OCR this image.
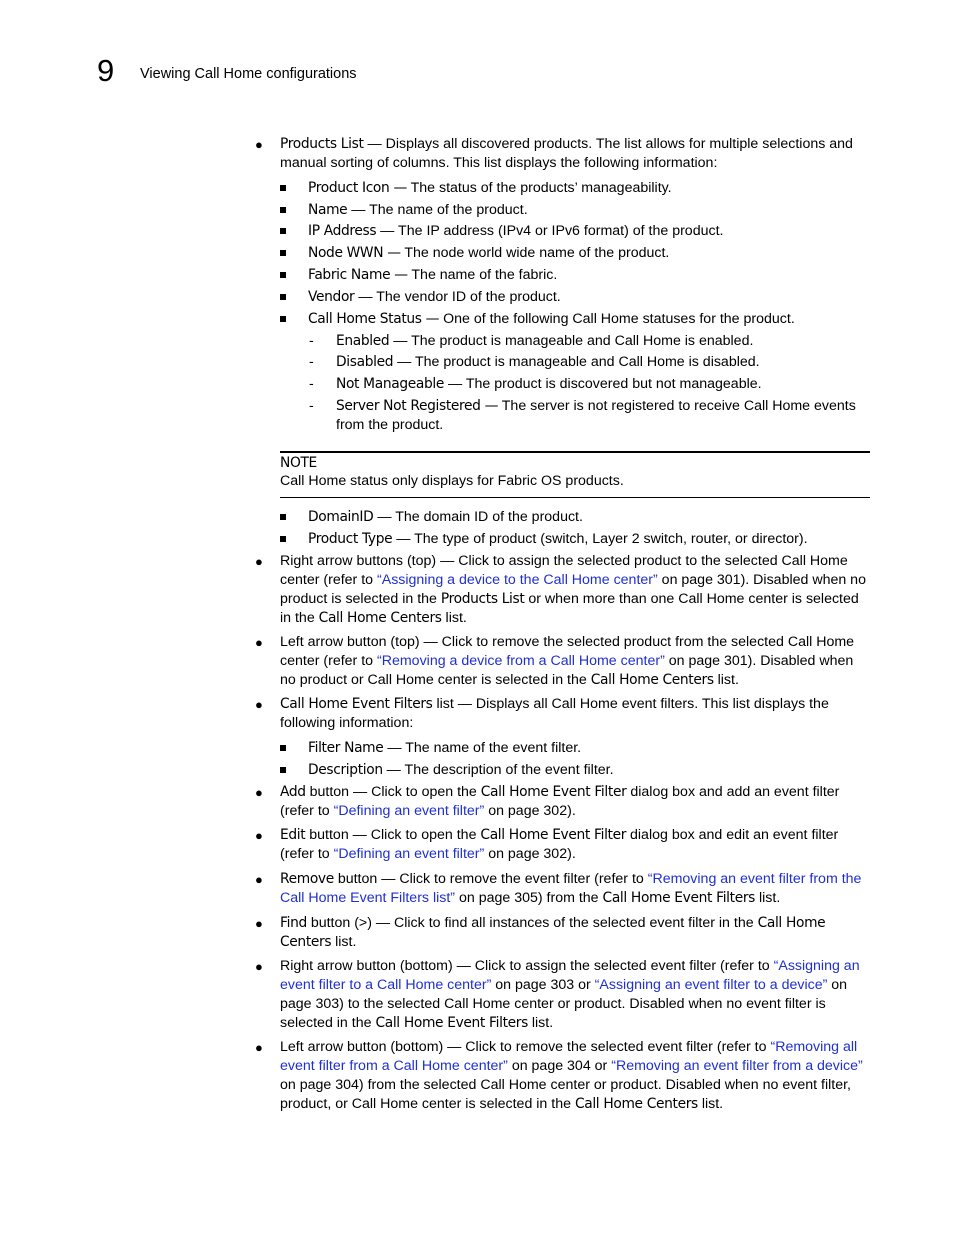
9 Viewing Call Home configurations
● Products List — Displays all discovered products. The list allows for multiple selections and manual sorting of columns. This list displays the following information:
Product Icon — The status of the products’ manageability.
Name — The name of the product.
IP Address — The IP address (IPv4 or IPv6 format) of the product.
Node WWN — The node world wide name of the product.
Fabric Name — The name of the fabric.
Vendor — The vendor ID of the product.
Call Home Status — One of the following Call Home statuses for the product.
- Enabled — The product is manageable and Call Home is enabled.
- Disabled — The product is manageable and Call Home is disabled.
- Not Manageable — The product is discovered but not manageable.
- Server Not Registered — The server is not registered to receive Call Home events from the product.
NOTE
Call Home status only displays for Fabric OS products.
DomainID — The domain ID of the product.
Product Type — The type of product (switch, Layer 2 switch, router, or director).
● Right arrow buttons (top) — Click to assign the selected product to the selected Call Home center (refer to “Assigning a device to the Call Home center” on page 301). Disabled when no product is selected in the Products List or when more than one Call Home center is selected in the Call Home Centers list.
● Left arrow button (top) — Click to remove the selected product from the selected Call Home center (refer to “Removing a device from a Call Home center” on page 301). Disabled when no product or Call Home center is selected in the Call Home Centers list.
● Call Home Event Filters list — Displays all Call Home event filters. This list displays the following information:
Filter Name — The name of the event filter.
Description — The description of the event filter.
● Add button — Click to open the Call Home Event Filter dialog box and add an event filter (refer to “Defining an event filter” on page 302).
● Edit button — Click to open the Call Home Event Filter dialog box and edit an event filter (refer to “Defining an event filter” on page 302).
● Remove button — Click to remove the event filter (refer to “Removing an event filter from the Call Home Event Filters list” on page 305) from the Call Home Event Filters list.
● Find button (>) — Click to find all instances of the selected event filter in the Call Home Centers list.
● Right arrow button (bottom) — Click to assign the selected event filter (refer to “Assigning an event filter to a Call Home center” on page 303 or “Assigning an event filter to a device” on page 303) to the selected Call Home center or product. Disabled when no event filter is selected in the Call Home Event Filters list.
● Left arrow button (bottom) — Click to remove the selected event filter (refer to “Removing all event filter from a Call Home center” on page 304 or “Removing an event filter from a device” on page 304) from the selected Call Home center or product. Disabled when no event filter, product, or Call Home center is selected in the Call Home Centers list.
